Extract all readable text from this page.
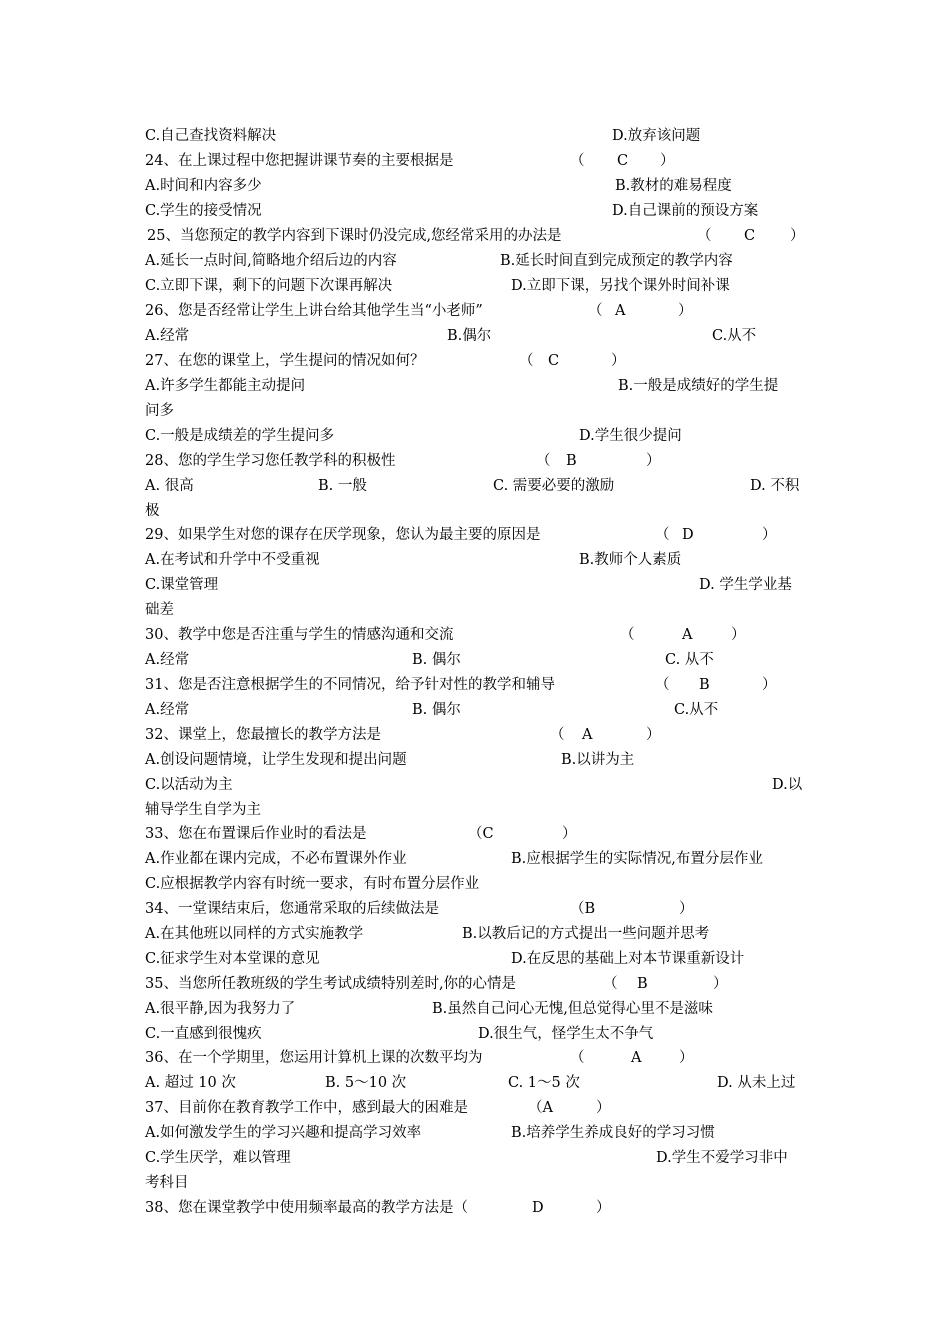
C.自己查找资料解决	D.放弃该问题
24、在上课过程中您把握讲课节奏的主要根据是	（ C ）
A.时间和内容多少	B.教材的难易程度
C.学生的接受情况	D.自己课前的预设方案
25、当您预定的教学内容到下课时仍没完成,您经常采用的办法是	（ C ）
A.延长一点时间,简略地介绍后边的内容	B.延长时间直到完成预定的教学内容
C.立即下课，剩下的问题下次课再解决	D.立即下课，另找个课外时间补课
26、您是否经常让学生上讲台给其他学生当“小老师”	（ A	）
A.经常	B.偶尔	C.从不
27、在您的课堂上，学生提问的情况如何？	（ C	）
A.许多学生都能主动提问	B.一般是成绩好的学生提
问多
C.一般是成绩差的学生提问多	D.学生很少提问
28、您的学生学习您任教学科的积极性	（ B	）
A. 很高	B. 一般	C. 需要必要的激励	D. 不积
极
29、如果学生对您的课存在厌学现象，您认为最主要的原因是	（ D	）
A.在考试和升学中不受重视	B.教师个人素质
C.课堂管理	D. 学生学业基
础差
30、教学中您是否注重与学生的情感沟通和交流	（	A	）
A.经常	B. 偶尔	C. 从不
31、您是否注意根据学生的不同情况，给予针对性的教学和辅导	（ B	）
A.经常	B. 偶尔	C.从不
32、课堂上，您最擅长的教学方法是	（ A	）
A.创设问题情境，让学生发现和提出问题	B.以讲为主
C.以活动为主	D.以
辅导学生自学为主
33、您在布置课后作业时的看法是	（C	）
A.作业都在课内完成，不必布置课外作业	B.应根据学生的实际情况,布置分层作业
C.应根据教学内容有时统一要求，有时布置分层作业
34、一堂课结束后，您通常采取的后续做法是	（B	）
A.在其他班以同样的方式实施教学	B.以教后记的方式提出一些问题并思考
C.征求学生对本堂课的意见	D.在反思的基础上对本节课重新设计
35、当您所任教班级的学生考试成绩特别差时,你的心情是	（ B	）
A.很平静,因为我努力了	B.虽然自己问心无愧,但总觉得心里不是滋味
C.一直感到很愧疚	D.很生气，怪学生太不争气
36、在一个学期里，您运用计算机上课的次数平均为	（	A	）
A. 超过 10 次	B. 5～10 次	C. 1～5 次	D. 从未上过
37、目前你在教育教学工作中，感到最大的困难是	（A	）
A.如何激发学生的学习兴趣和提高学习效率	B.培养学生养成良好的学习习惯
C.学生厌学，难以管理	D.学生不爱学习非中
考科目
38、您在课堂教学中使用频率最高的教学方法是（	D	）
